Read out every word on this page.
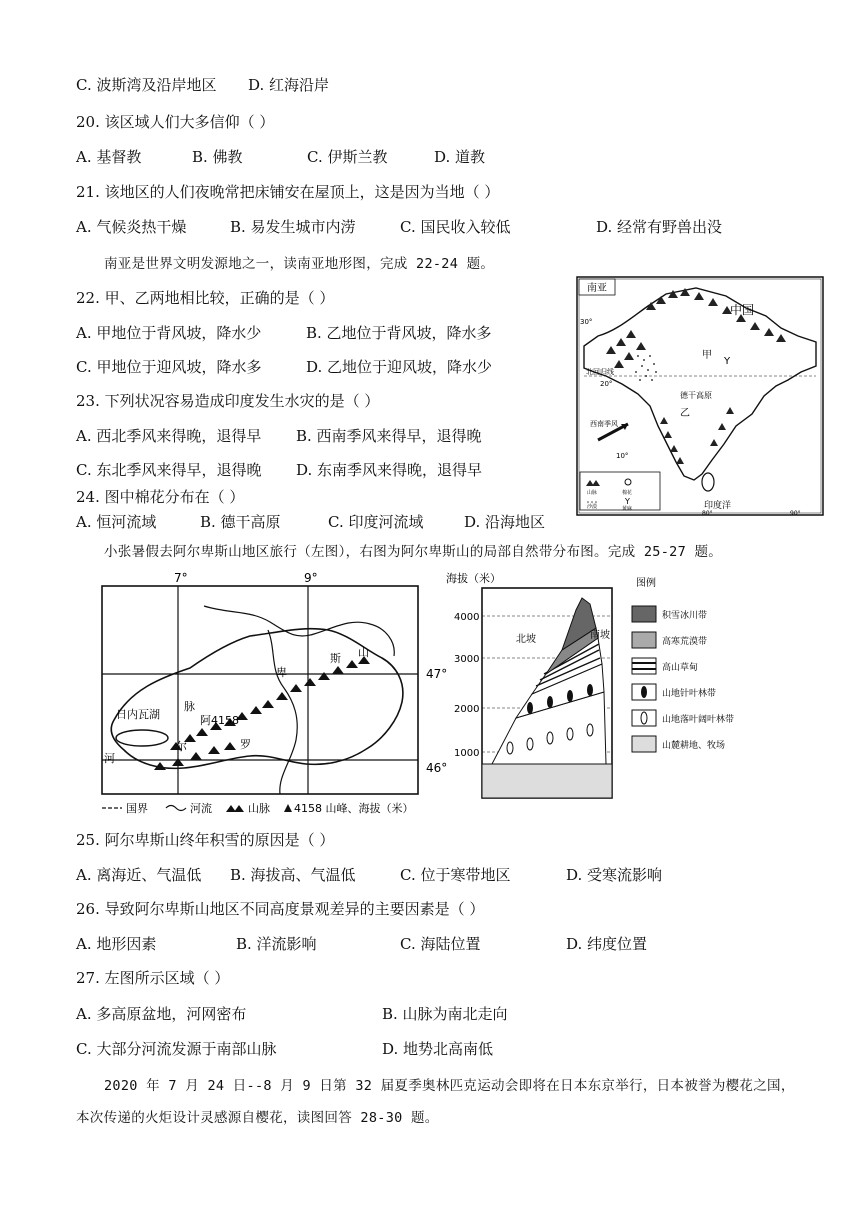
C. 波斯湾及沿岸地区 D. 红海沿岸
20. 该区域人们大多信仰（ ）
A. 基督教	B. 佛教	C. 伊斯兰教	D. 道教
21. 该地区的人们夜晚常把床铺安在屋顶上，这是因为当地（ ）
A. 气候炎热干燥	B. 易发生城市内涝	C. 国民收入较低	D. 经常有野兽出没
南亚是世界文明发源地之一，读南亚地形图，完成 22-24 题。
22. 甲、乙两地相比较，正确的是（ ）
A. 甲地位于背风坡，降水少	B. 乙地位于背风坡，降水多
C. 甲地位于迎风坡，降水多	D. 乙地位于迎风坡，降水少
23. 下列状况容易造成印度发生水灾的是（ ）
A. 西北季风来得晚，退得早 B. 西南季风来得早，退得晚
C. 东北季风来得早，退得晚 D. 东南季风来得晚，退得早
24. 图中棉花分布在（ ）
A. 恒河流域	B. 德干高原	C. 印度河流域	D. 沿海地区
南亚
中国
甲
Y
北回归线
德干高原
乙
西南季风
30°
20°
10°
山脉
沙漠
棉花
Y
黄麻	印度洋
80°	90°
小张暑假去阿尔卑斯山地区旅行（左图），右图为阿尔卑斯山的局部自然带分布图。完成 25-27 题。
7°	9°
47°
46°
日内瓦湖
河
阿4158
尔
卑
斯 山
脉
罗
国界	河流	山脉 4158 山峰、海拔（米）
海拔（米）
4000
3000
2000
1000
北坡	南坡
图例
积雪冰川带
高寒荒漠带
高山草甸
山地针叶林带
山地落叶阔叶林带
山麓耕地、牧场
25. 阿尔卑斯山终年积雪的原因是（ ）
A. 离海近、气温低 B. 海拔高、气温低	C. 位于寒带地区	D. 受寒流影响
26. 导致阿尔卑斯山地区不同高度景观差异的主要因素是（ ）
A. 地形因素	B. 洋流影响	C. 海陆位置	D. 纬度位置
27. 左图所示区域（ ）
A. 多高原盆地，河网密布	B. 山脉为南北走向
C. 大部分河流发源于南部山脉	D. 地势北高南低
2020 年 7 月 24 日--8 月 9 日第 32 届夏季奥林匹克运动会即将在日本东京举行，日本被誉为樱花之国，
本次传递的火炬设计灵感源自樱花，读图回答 28-30 题。
